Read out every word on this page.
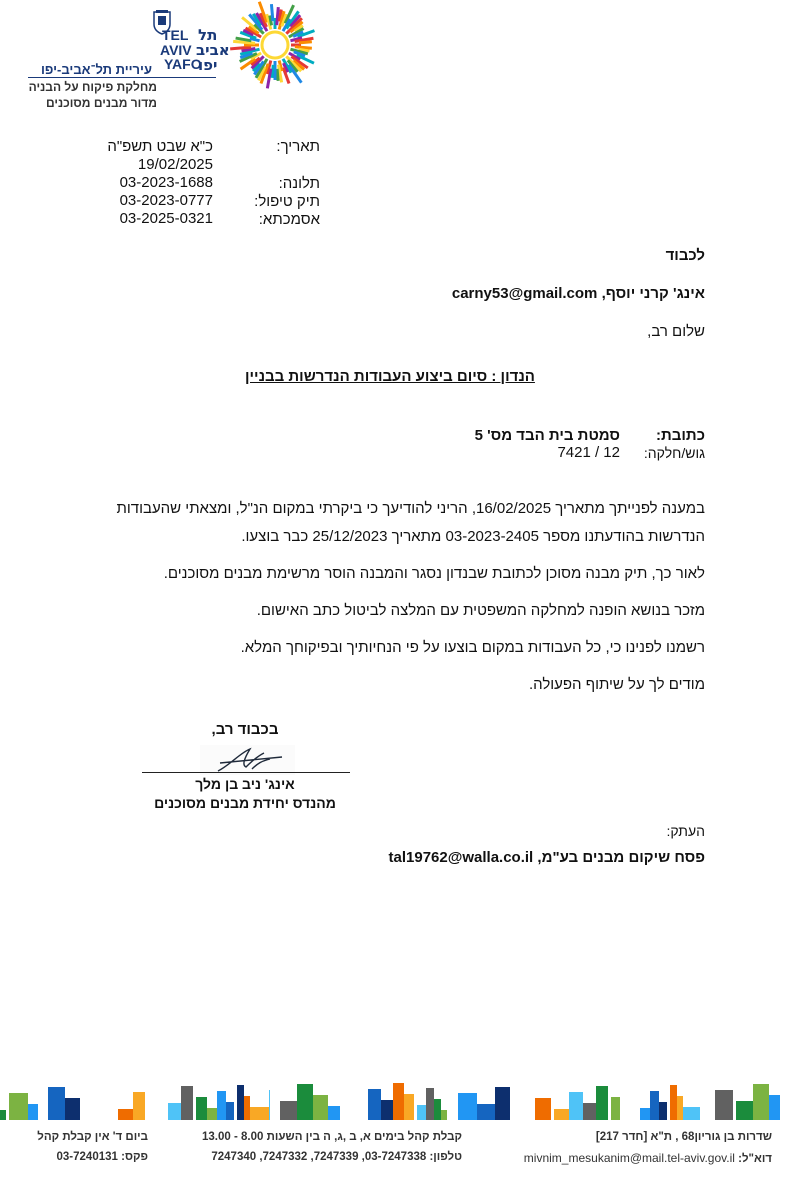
TEL
AVIV
YAFO
תל
אביב
יפו
עיריית תל־אביב-יפו
מחלקת פיקוח על הבניה
מדור מבנים מסוכנים
תאריך:
כ"א שבט תשפ"ה
19/02/2025
תלונה:
03-2023-1688
תיק טיפול:
03-2023-0777
אסמכתא:
03-2025-0321
לכבוד
אינג' קרני יוסף, carny53@gmail.com
שלום רב,
הנדון : סיום ביצוע העבודות הנדרשות בבניין
כתובת:
סמטת בית הבד מס' 5
גוש/חלקה:
7421 / 12
במענה לפנייתך מתאריך 16/02/2025, הריני להודיעך כי ביקרתי במקום הנ"ל, ומצאתי שהעבודות
הנדרשות בהודעתנו מספר 03-2023-2405 מתאריך 25/12/2023 כבר בוצעו.
לאור כך, תיק מבנה מסוכן לכתובת שבנדון נסגר והמבנה הוסר מרשימת מבנים מסוכנים.
מזכר בנושא הופנה למחלקה המשפטית עם המלצה לביטול כתב האישום.
רשמנו לפנינו כי, כל העבודות במקום בוצעו על פי הנחיותיך ובפיקוחך המלא.
מודים לך על שיתוף הפעולה.
בכבוד רב,
אינג' ניב בן מלך
מהנדס יחידת מבנים מסוכנים
העתק:
פסח שיקום מבנים בע"מ, tal19762@walla.co.il
שדרות בן גוריון68 , ת"א [חדר 217]
דוא"ל: mivnim_mesukanim@mail.tel-aviv.gov.il
קבלת קהל בימים א, ב ,ג, ה בין השעות 8.00 - 13.00
טלפון: 03-7247338, 7247339, 7247332, 7247340
ביום ד' אין קבלת קהל
פקס: 03-7240131
